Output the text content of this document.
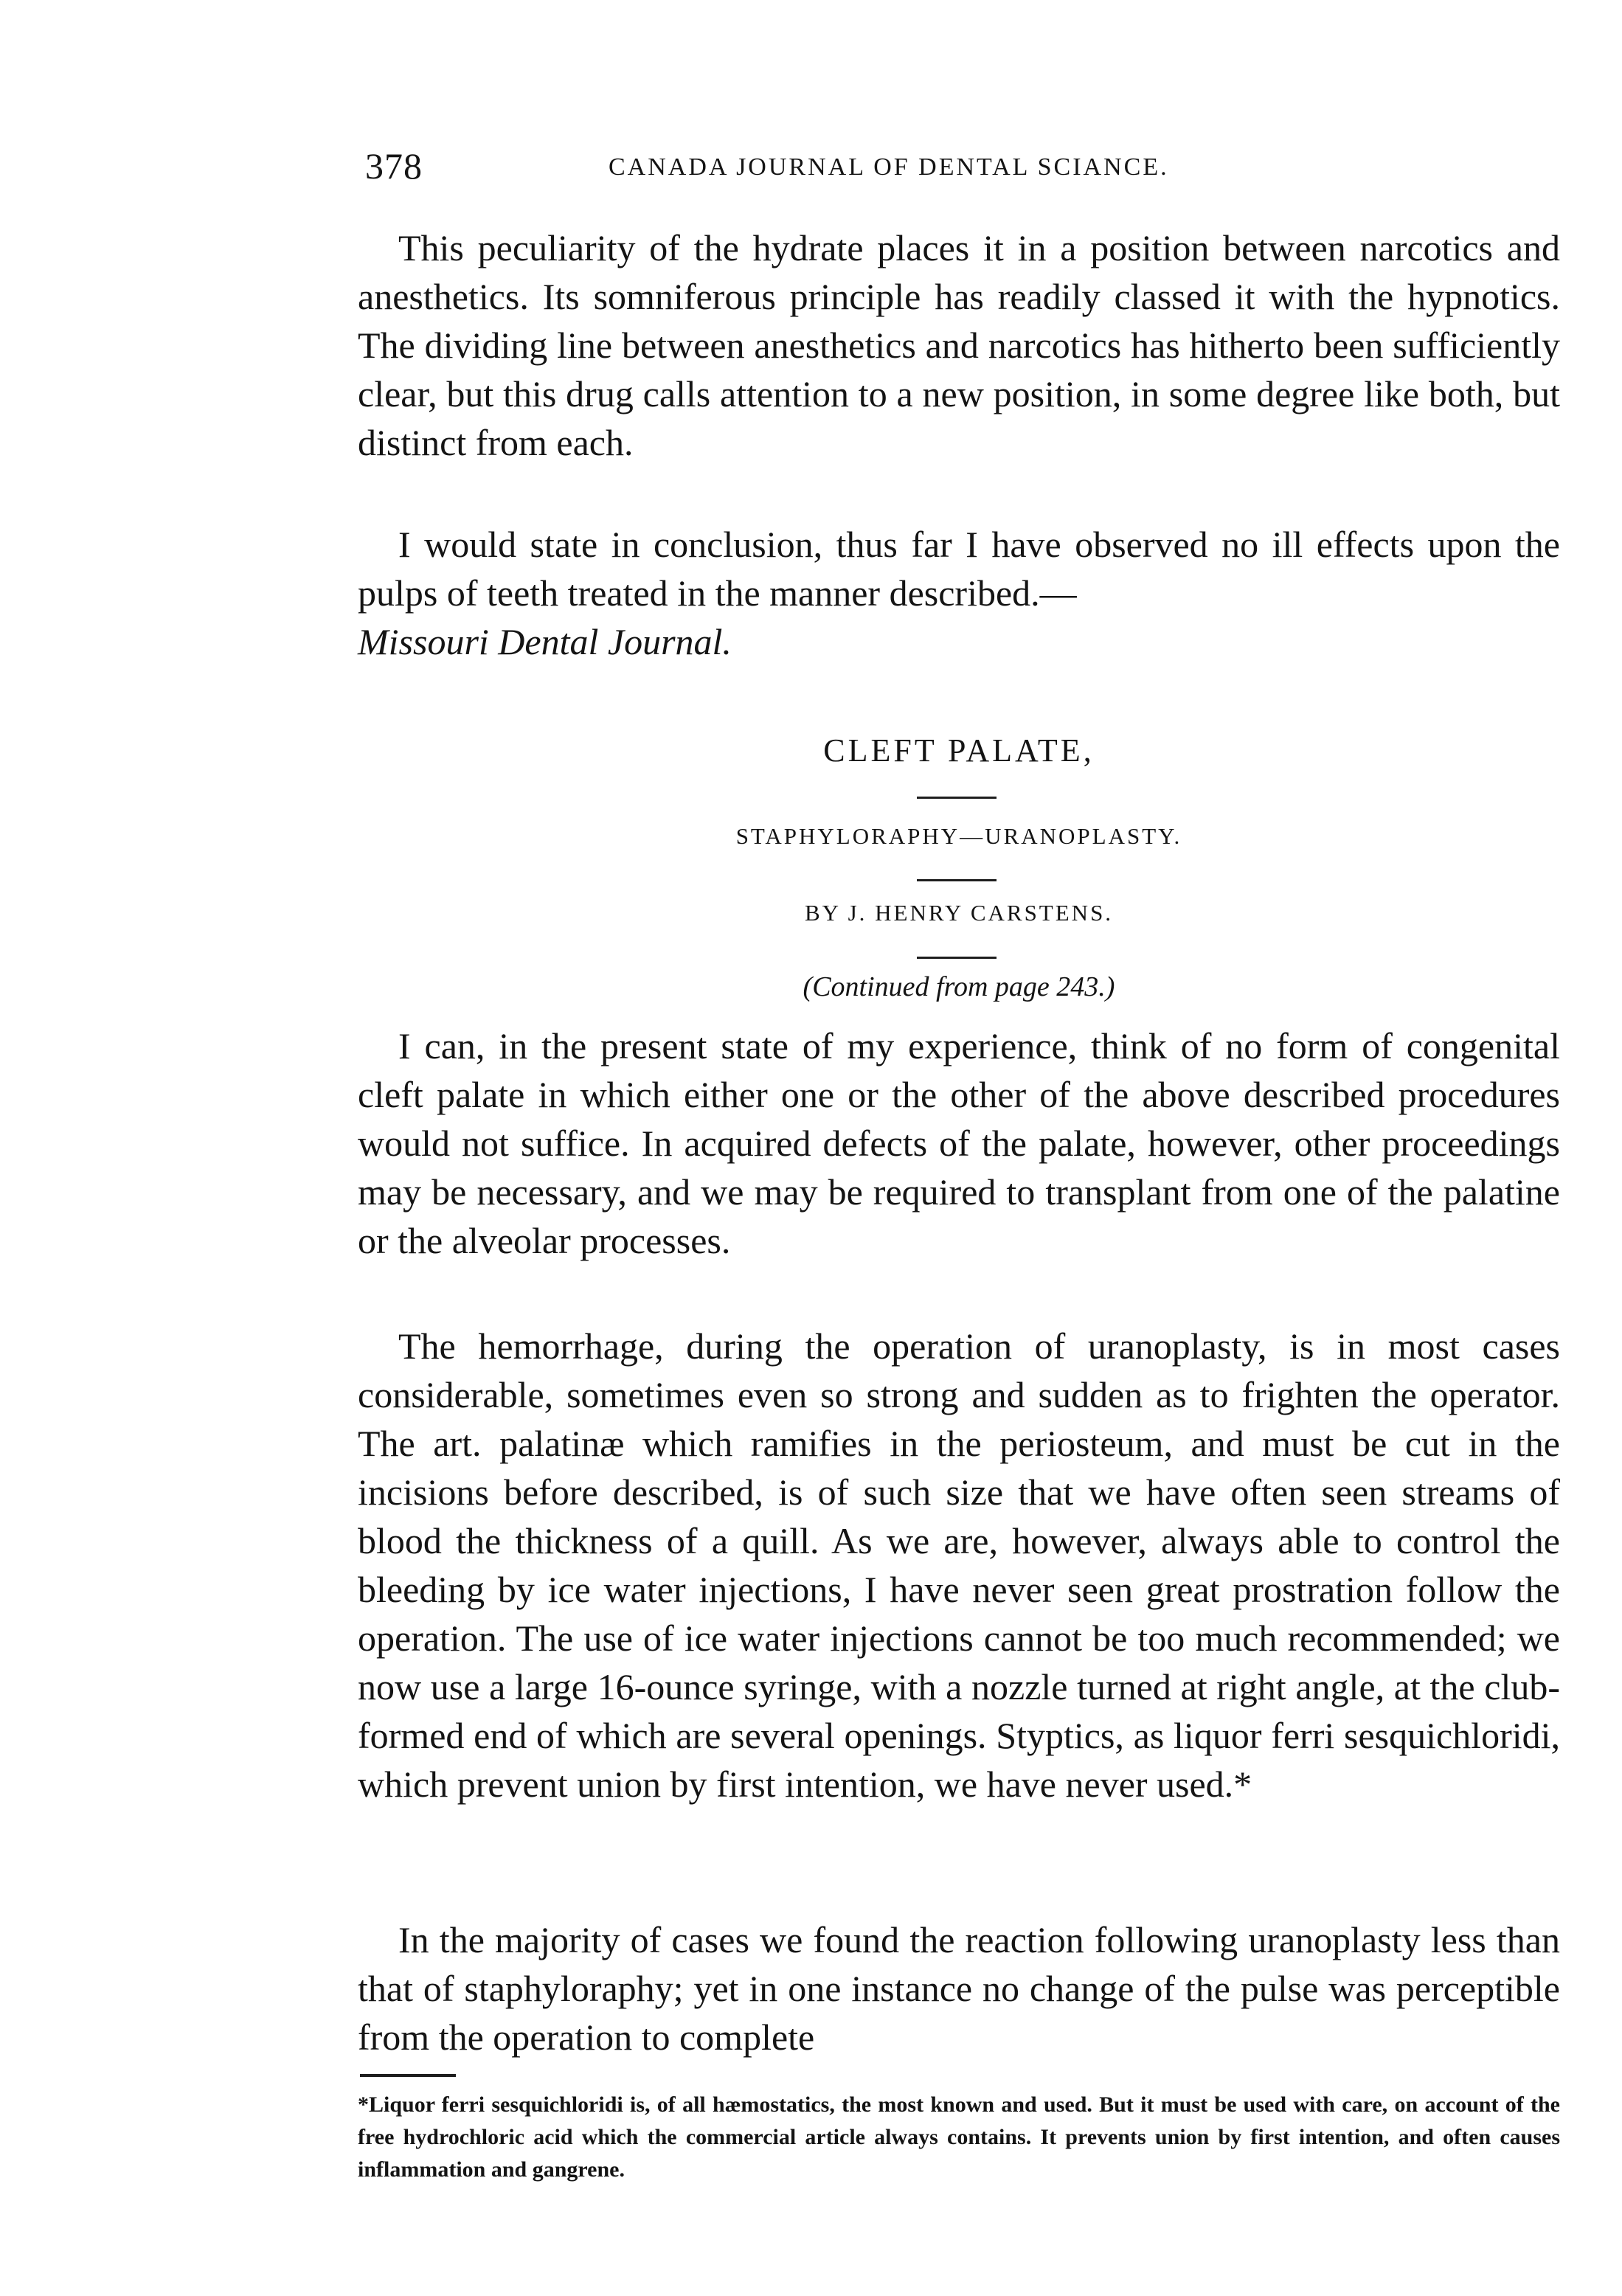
378	CANADA JOURNAL OF DENTAL SCIANCE.

This peculiarity of the hydrate places it in a position between narcotics and anesthetics. Its somniferous principle has readily classed it with the hypnotics. The dividing line between anesthetics and narcotics has hitherto been sufficiently clear, but this drug calls attention to a new position, in some degree like both, but distinct from each.

I would state in conclusion, thus far I have observed no ill effects upon the pulps of teeth treated in the manner described.—
Missouri Dental Journal.

CLEFT PALATE,

STAPHYLORAPHY—URANOPLASTY.

BY J. HENRY CARSTENS.

(Continued from page 243.)

I can, in the present state of my experience, think of no form of congenital cleft palate in which either one or the other of the above described procedures would not suffice. In acquired defects of the palate, however, other proceedings may be necessary, and we may be required to transplant from one of the palatine or the alveolar processes.

The hemorrhage, during the operation of uranoplasty, is in most cases considerable, sometimes even so strong and sudden as to frighten the operator. The art. palatinæ which ramifies in the periosteum, and must be cut in the incisions before described, is of such size that we have often seen streams of blood the thickness of a quill. As we are, however, always able to control the bleeding by ice water injections, I have never seen great prostration follow the operation. The use of ice water injections cannot be too much recommended; we now use a large 16-ounce syringe, with a nozzle turned at right angle, at the club-formed end of which are several openings. Styptics, as liquor ferri sesquichloridi, which prevent union by first intention, we have never used.*

In the majority of cases we found the reaction following uranoplasty less than that of staphyloraphy; yet in one instance no change of the pulse was perceptible from the operation to complete

*Liquor ferri sesquichloridi is, of all hæmostatics, the most known and used. But it must be used with care, on account of the free hydrochloric acid which the commercial article always contains. It prevents union by first intention, and often causes inflammation and gangrene.
